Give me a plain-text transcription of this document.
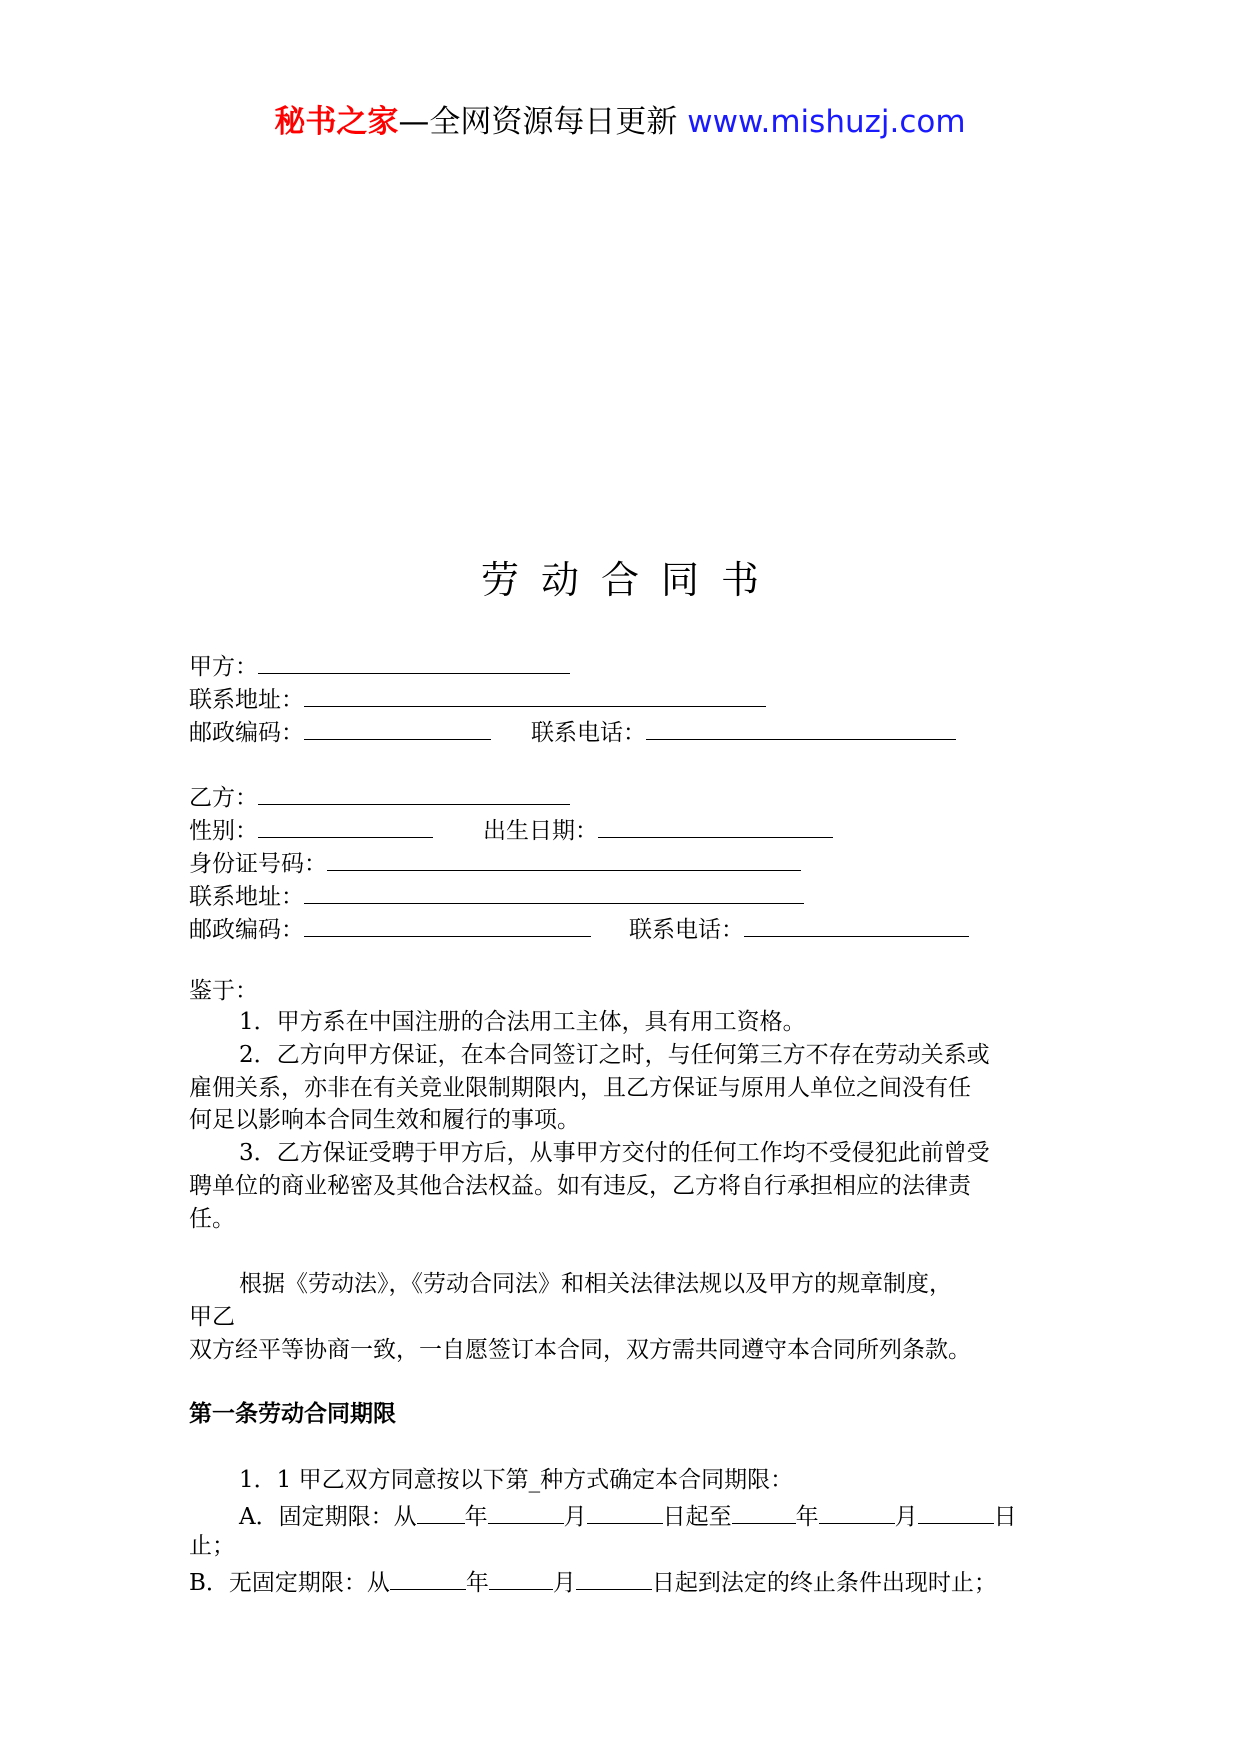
秘书之家—全网资源每日更新 www.mishuzj.com
劳动合同书
甲方：
联系地址：
邮政编码：	联系电话：
乙方：
性别：	出生日期：
身份证号码：
联系地址：
邮政编码：	联系电话：
鉴于：
1．甲方系在中国注册的合法用工主体，具有用工资格。
2．乙方向甲方保证，在本合同签订之时，与任何第三方不存在劳动关系或
雇佣关系，亦非在有关竞业限制期限内，且乙方保证与原用人单位之间没有任
何足以影响本合同生效和履行的事项。
3．乙方保证受聘于甲方后，从事甲方交付的任何工作均不受侵犯此前曾受
聘单位的商业秘密及其他合法权益。如有违反，乙方将自行承担相应的法律责
任。
根据《劳动法》，《劳动合同法》和相关法律法规以及甲方的规章制度，
甲乙
双方经平等协商一致，一自愿签订本合同，双方需共同遵守本合同所列条款。
第一条劳动合同期限
1．1 甲乙双方同意按以下第_种方式确定本合同期限：
A．固定期限：从 年	月	日起至	年	月	日
止；
B．无固定期限：从	年	月	日起到法定的终止条件出现时止；
